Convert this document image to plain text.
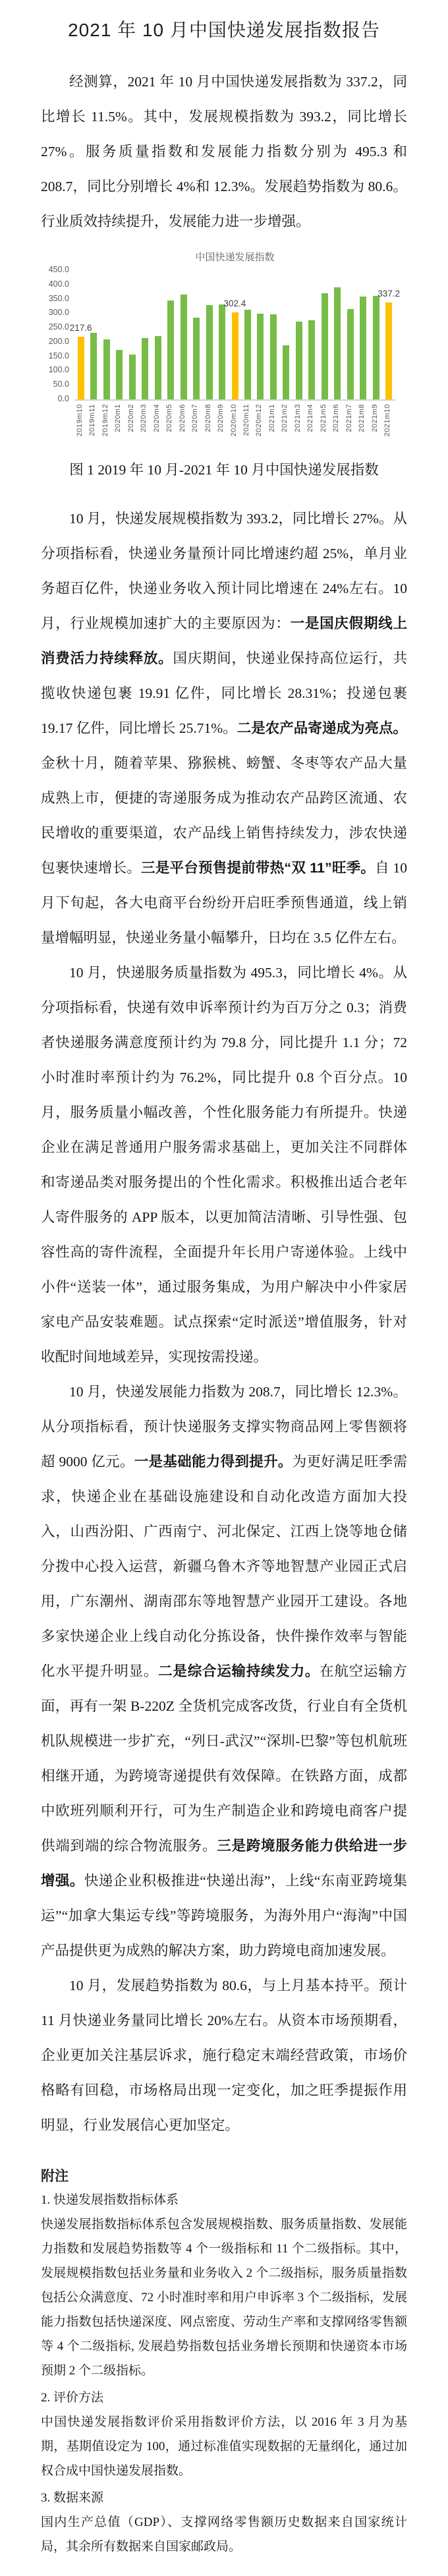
2021 年 10 月中国快递发展指数报告

经测算，2021 年 10 月中国快递发展指数为 337.2，同比增长 11.5%。其中，发展规模指数为 393.2，同比增长 27%。服务质量指数和发展能力指数分别为 495.3 和 208.7，同比分别增长 4%和 12.3%。发展趋势指数为 80.6。行业质效持续提升，发展能力进一步增强。

中国快递发展指数
0.0
50.0
100.0
150.0
200.0
250.0
300.0
350.0
400.0
450.0
217.6
302.4
337.2
2019m10 2019m11 2019m12 2020m1 2020m2 2020m3 2020m4 2020m5 2020m6 2020m7 2020m8 2020m9 2020m10 2020m11 2020m12 2021m1 2021m2 2021m3 2021m4 2021m5 2021m6 2021m7 2021m8 2021m9 2021m10
图 1 2019 年 10 月-2021 年 10 月中国快递发展指数

10 月，快递发展规模指数为 393.2，同比增长 27%。从分项指标看，快递业务量预计同比增速约超 25%，单月业务超百亿件，快递业务收入预计同比增速在 24%左右。10 月，行业规模加速扩大的主要原因为：一是国庆假期线上消费活力持续释放。国庆期间，快递业保持高位运行，共揽收快递包裹 19.91 亿件，同比增长 28.31%；投递包裹 19.17 亿件，同比增长 25.71%。二是农产品寄递成为亮点。金秋十月，随着苹果、猕猴桃、螃蟹、冬枣等农产品大量成熟上市，便捷的寄递服务成为推动农产品跨区流通、农民增收的重要渠道，农产品线上销售持续发力，涉农快递包裹快速增长。三是平台预售提前带热“双 11”旺季。自 10 月下旬起，各大电商平台纷纷开启旺季预售通道，线上销量增幅明显，快递业务量小幅攀升，日均在 3.5 亿件左右。

10 月，快递服务质量指数为 495.3，同比增长 4%。从分项指标看，快递有效申诉率预计约为百万分之 0.3；消费者快递服务满意度预计约为 79.8 分，同比提升 1.1 分；72 小时准时率预计约为 76.2%，同比提升 0.8 个百分点。10 月，服务质量小幅改善，个性化服务能力有所提升。快递企业在满足普通用户服务需求基础上，更加关注不同群体和寄递品类对服务提出的个性化需求。积极推出适合老年人寄件服务的 APP 版本，以更加简洁清晰、引导性强、包容性高的寄件流程，全面提升年长用户寄递体验。上线中小件“送装一体”，通过服务集成，为用户解决中小件家居家电产品安装难题。试点探索“定时派送”增值服务，针对收配时间地域差异，实现按需投递。

10 月，快递发展能力指数为 208.7，同比增长 12.3%。从分项指标看，预计快递服务支撑实物商品网上零售额将超 9000 亿元。一是基础能力得到提升。为更好满足旺季需求，快递企业在基础设施建设和自动化改造方面加大投入，山西汾阳、广西南宁、河北保定、江西上饶等地仓储分拨中心投入运营，新疆乌鲁木齐等地智慧产业园正式启用，广东潮州、湖南邵东等地智慧产业园开工建设。各地多家快递企业上线自动化分拣设备，快件操作效率与智能化水平提升明显。二是综合运输持续发力。在航空运输方面，再有一架 B-220Z 全货机完成客改货，行业自有全货机机队规模进一步扩充，“列日-武汉”“深圳-巴黎”等包机航班相继开通，为跨境寄递提供有效保障。在铁路方面，成都中欧班列顺利开行，可为生产制造企业和跨境电商客户提供端到端的综合物流服务。三是跨境服务能力供给进一步增强。快递企业积极推进“快递出海”，上线“东南亚跨境集运”“加拿大集运专线”等跨境服务，为海外用户“海淘”中国产品提供更为成熟的解决方案，助力跨境电商加速发展。

10 月，发展趋势指数为 80.6，与上月基本持平。预计 11 月快递业务量同比增长 20%左右。从资本市场预期看，企业更加关注基层诉求，施行稳定末端经营政策，市场价格略有回稳，市场格局出现一定变化，加之旺季提振作用明显，行业发展信心更加坚定。

附注
1. 快递发展指数指标体系
快递发展指数指标体系包含发展规模指数、服务质量指数、发展能力指数和发展趋势指数等 4 个一级指标和 11 个二级指标。其中，发展规模指数包括业务量和业务收入 2 个二级指标，服务质量指数包括公众满意度、72 小时准时率和用户申诉率 3 个二级指标，发展能力指数包括快递深度、网点密度、劳动生产率和支撑网络零售额等 4 个二级指标, 发展趋势指数包括业务增长预期和快递资本市场预期 2 个二级指标。
2. 评价方法
中国快递发展指数评价采用指数评价方法，以 2016 年 3 月为基期，基期值设定为 100，通过标准值实现数据的无量纲化，通过加权合成中国快递发展指数。
3. 数据来源
国内生产总值（GDP）、支撑网络零售额历史数据来自国家统计局，其余所有数据来自国家邮政局。
